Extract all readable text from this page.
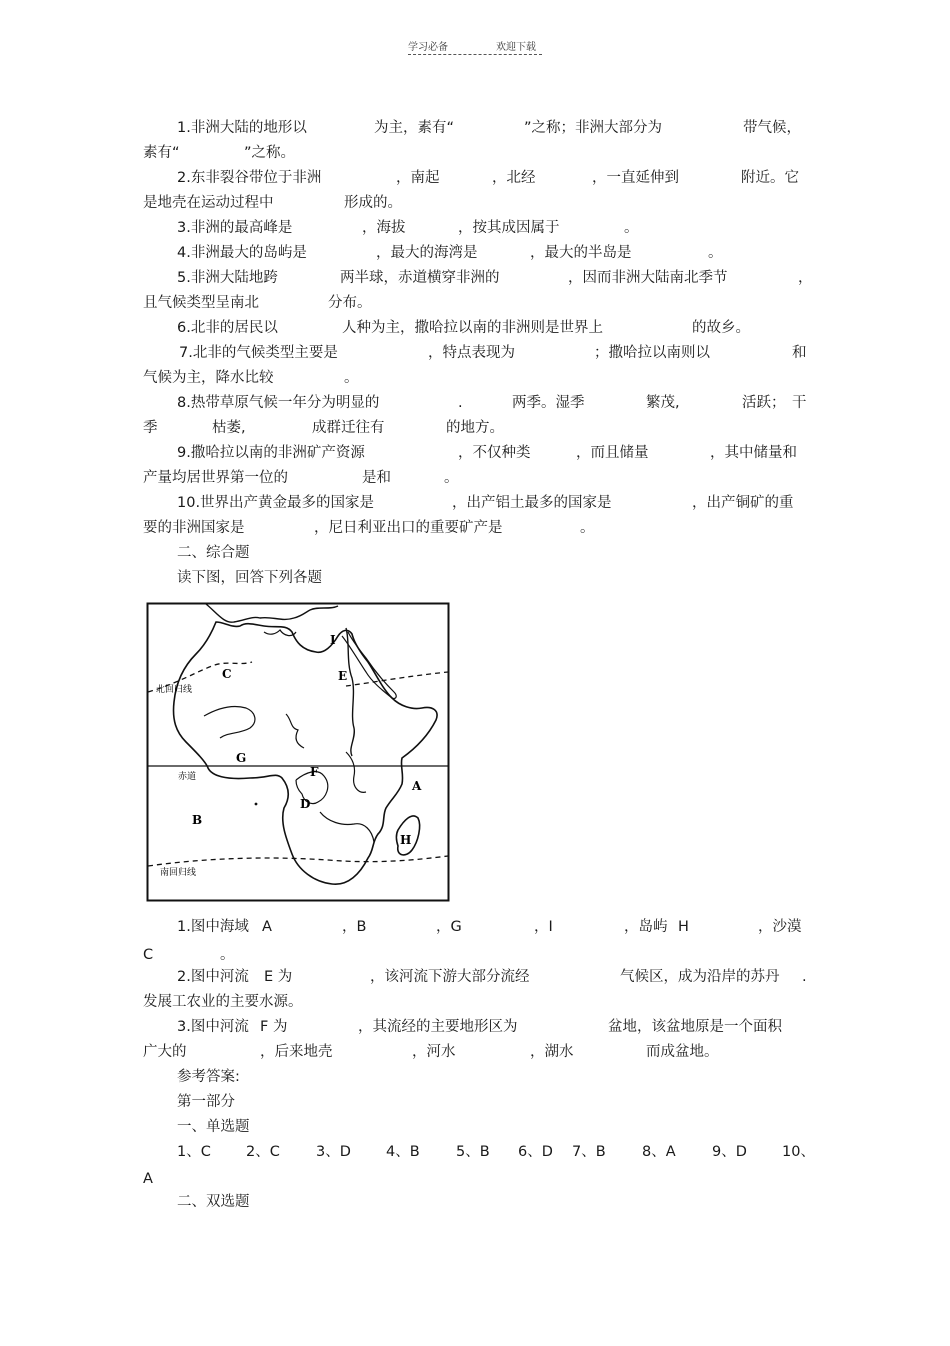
学习必备	欢迎下载
1.非洲大陆的地形以	为主，素有“	”之称；非洲大部分为	带气候，
素有“	”之称。
2.东非裂谷带位于非洲	，南起	，北经	，一直延伸到	附近。它
是地壳在运动过程中	形成的。
3.非洲的最高峰是	，海拔	，按其成因属于	。
4.非洲最大的岛屿是	，最大的海湾是	，最大的半岛是	。
5.非洲大陆地跨	两半球，赤道横穿非洲的	，因而非洲大陆南北季节	，
且气候类型呈南北	分布。
6.北非的居民以	人种为主，撒哈拉以南的非洲则是世界上	的故乡。
7.北非的气候类型主要是	，特点表现为	；撒哈拉以南则以	和
气候为主，降水比较	。
8.热带草原气候一年分为明显的	.	两季。湿季	繁茂,	活跃； 干
季	枯萎,	成群迁往有	的地方。
9.撒哈拉以南的非洲矿产资源	，不仅种类	，而且储量	，其中储量和
产量均居世界第一位的	是和	。
10.世界出产黄金最多的国家是	，出产铝土最多的国家是	，出产铜矿的重
要的非洲国家是	，尼日利亚出口的重要矿产是	。
二、综合题
读下图，回答下列各题
C	E
I
G
F
D
A
B
H
北回归线
赤道
南回归线
1.图中海域 A	，B	，G	，I	，岛屿 H	，沙漠
C	。
2.图中河流 E 为	，该河流下游大部分流经	气候区，成为沿岸的苏丹 .
发展工农业的主要水源。
3.图中河流 F 为	，其流经的主要地形区为	盆地，该盆地原是一个面积
广大的	，后来地壳	，河水	，湖水	而成盆地。
参考答案:
第一部分
一、单选题
1、C 2、C 3、D 4、B	5、B 6、D 7、B	8、A	9、D 10、
A
二、双选题
